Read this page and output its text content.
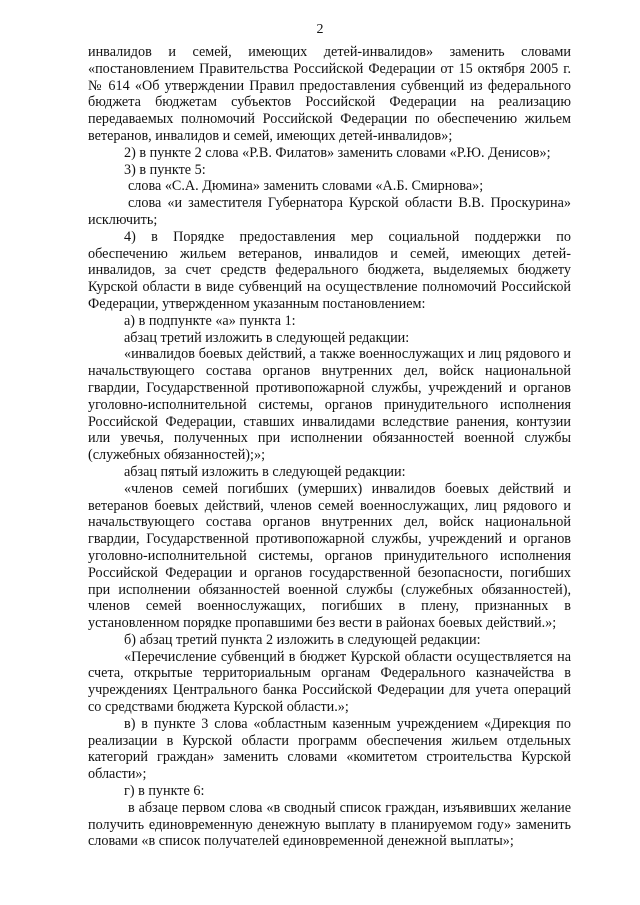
2

инвалидов и семей, имеющих детей-инвалидов» заменить словами «постановлением Правительства Российской Федерации от 15 октября 2005 г. № 614 «Об утверждении Правил предоставления субвенций из федерального бюджета бюджетам субъектов Российской Федерации на реализацию передаваемых полномочий Российской Федерации по обеспечению жильем ветеранов, инвалидов и семей, имеющих детей-инвалидов»;

2) в пункте 2 слова «Р.В. Филатов» заменить словами «Р.Ю. Денисов»;

3) в пункте 5:

слова «С.А. Дюмина» заменить словами «А.Б. Смирнова»;

слова «и заместителя Губернатора Курской области В.В. Проскурина» исключить;

4) в Порядке предоставления мер социальной поддержки по обеспечению жильем ветеранов, инвалидов и семей, имеющих детей-инвалидов, за счет средств федерального бюджета, выделяемых бюджету Курской области в виде субвенций на осуществление полномочий Российской Федерации, утвержденном указанным постановлением:

а) в подпункте «а» пункта 1:

абзац третий изложить в следующей редакции:

«инвалидов боевых действий, а также военнослужащих и лиц рядового и начальствующего состава органов внутренних дел, войск национальной гвардии, Государственной противопожарной службы, учреждений и органов уголовно-исполнительной системы, органов принудительного исполнения Российской Федерации, ставших инвалидами вследствие ранения, контузии или увечья, полученных при исполнении обязанностей военной службы (служебных обязанностей);»;

абзац пятый изложить в следующей редакции:

«членов семей погибших (умерших) инвалидов боевых действий и ветеранов боевых действий, членов семей военнослужащих, лиц рядового и начальствующего состава органов внутренних дел, войск национальной гвардии, Государственной противопожарной службы, учреждений и органов уголовно-исполнительной системы, органов принудительного исполнения Российской Федерации и органов государственной безопасности, погибших при исполнении обязанностей военной службы (служебных обязанностей), членов семей военнослужащих, погибших в плену, признанных в установленном порядке пропавшими без вести в районах боевых действий.»;

б) абзац третий пункта 2 изложить в следующей редакции:

«Перечисление субвенций в бюджет Курской области осуществляется на счета, открытые территориальным органам Федерального казначейства в учреждениях Центрального банка Российской Федерации для учета операций со средствами бюджета Курской области.»;

в) в пункте 3 слова «областным казенным учреждением «Дирекция по реализации в Курской области программ обеспечения жильем отдельных категорий граждан» заменить словами «комитетом строительства Курской области»;

г) в пункте 6:

в абзаце первом слова «в сводный список граждан, изъявивших желание получить единовременную денежную выплату в планируемом году» заменить словами «в список получателей единовременной денежной выплаты»;
